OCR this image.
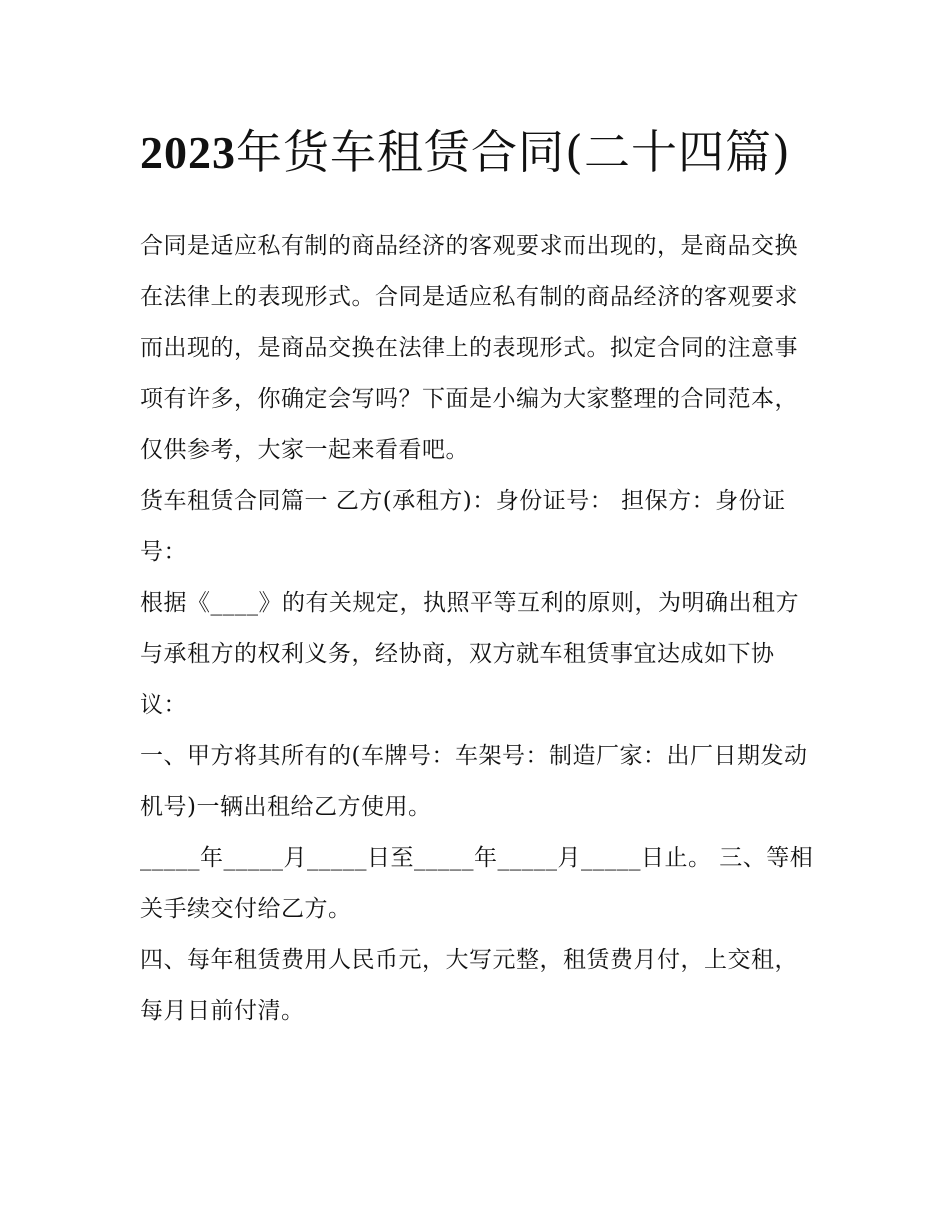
2023年货车租赁合同(二十四篇)

合同是适应私有制的商品经济的客观要求而出现的，是商品交换在法律上的表现形式。合同是适应私有制的商品经济的客观要求而出现的，是商品交换在法律上的表现形式。拟定合同的注意事项有许多，你确定会写吗？下面是小编为大家整理的合同范本，仅供参考，大家一起来看看吧。

货车租赁合同篇一 乙方(承租方)：身份证号： 担保方：身份证号：

根据《____》的有关规定，执照平等互利的原则，为明确出租方与承租方的权利义务，经协商，双方就车租赁事宜达成如下协议：

一、甲方将其所有的(车牌号：车架号：制造厂家：出厂日期发动机号)一辆出租给乙方使用。

_____年_____月_____日至_____年_____月_____日止。 三、等相关手续交付给乙方。

四、每年租赁费用人民币元，大写元整，租赁费月付，上交租，每月日前付清。
